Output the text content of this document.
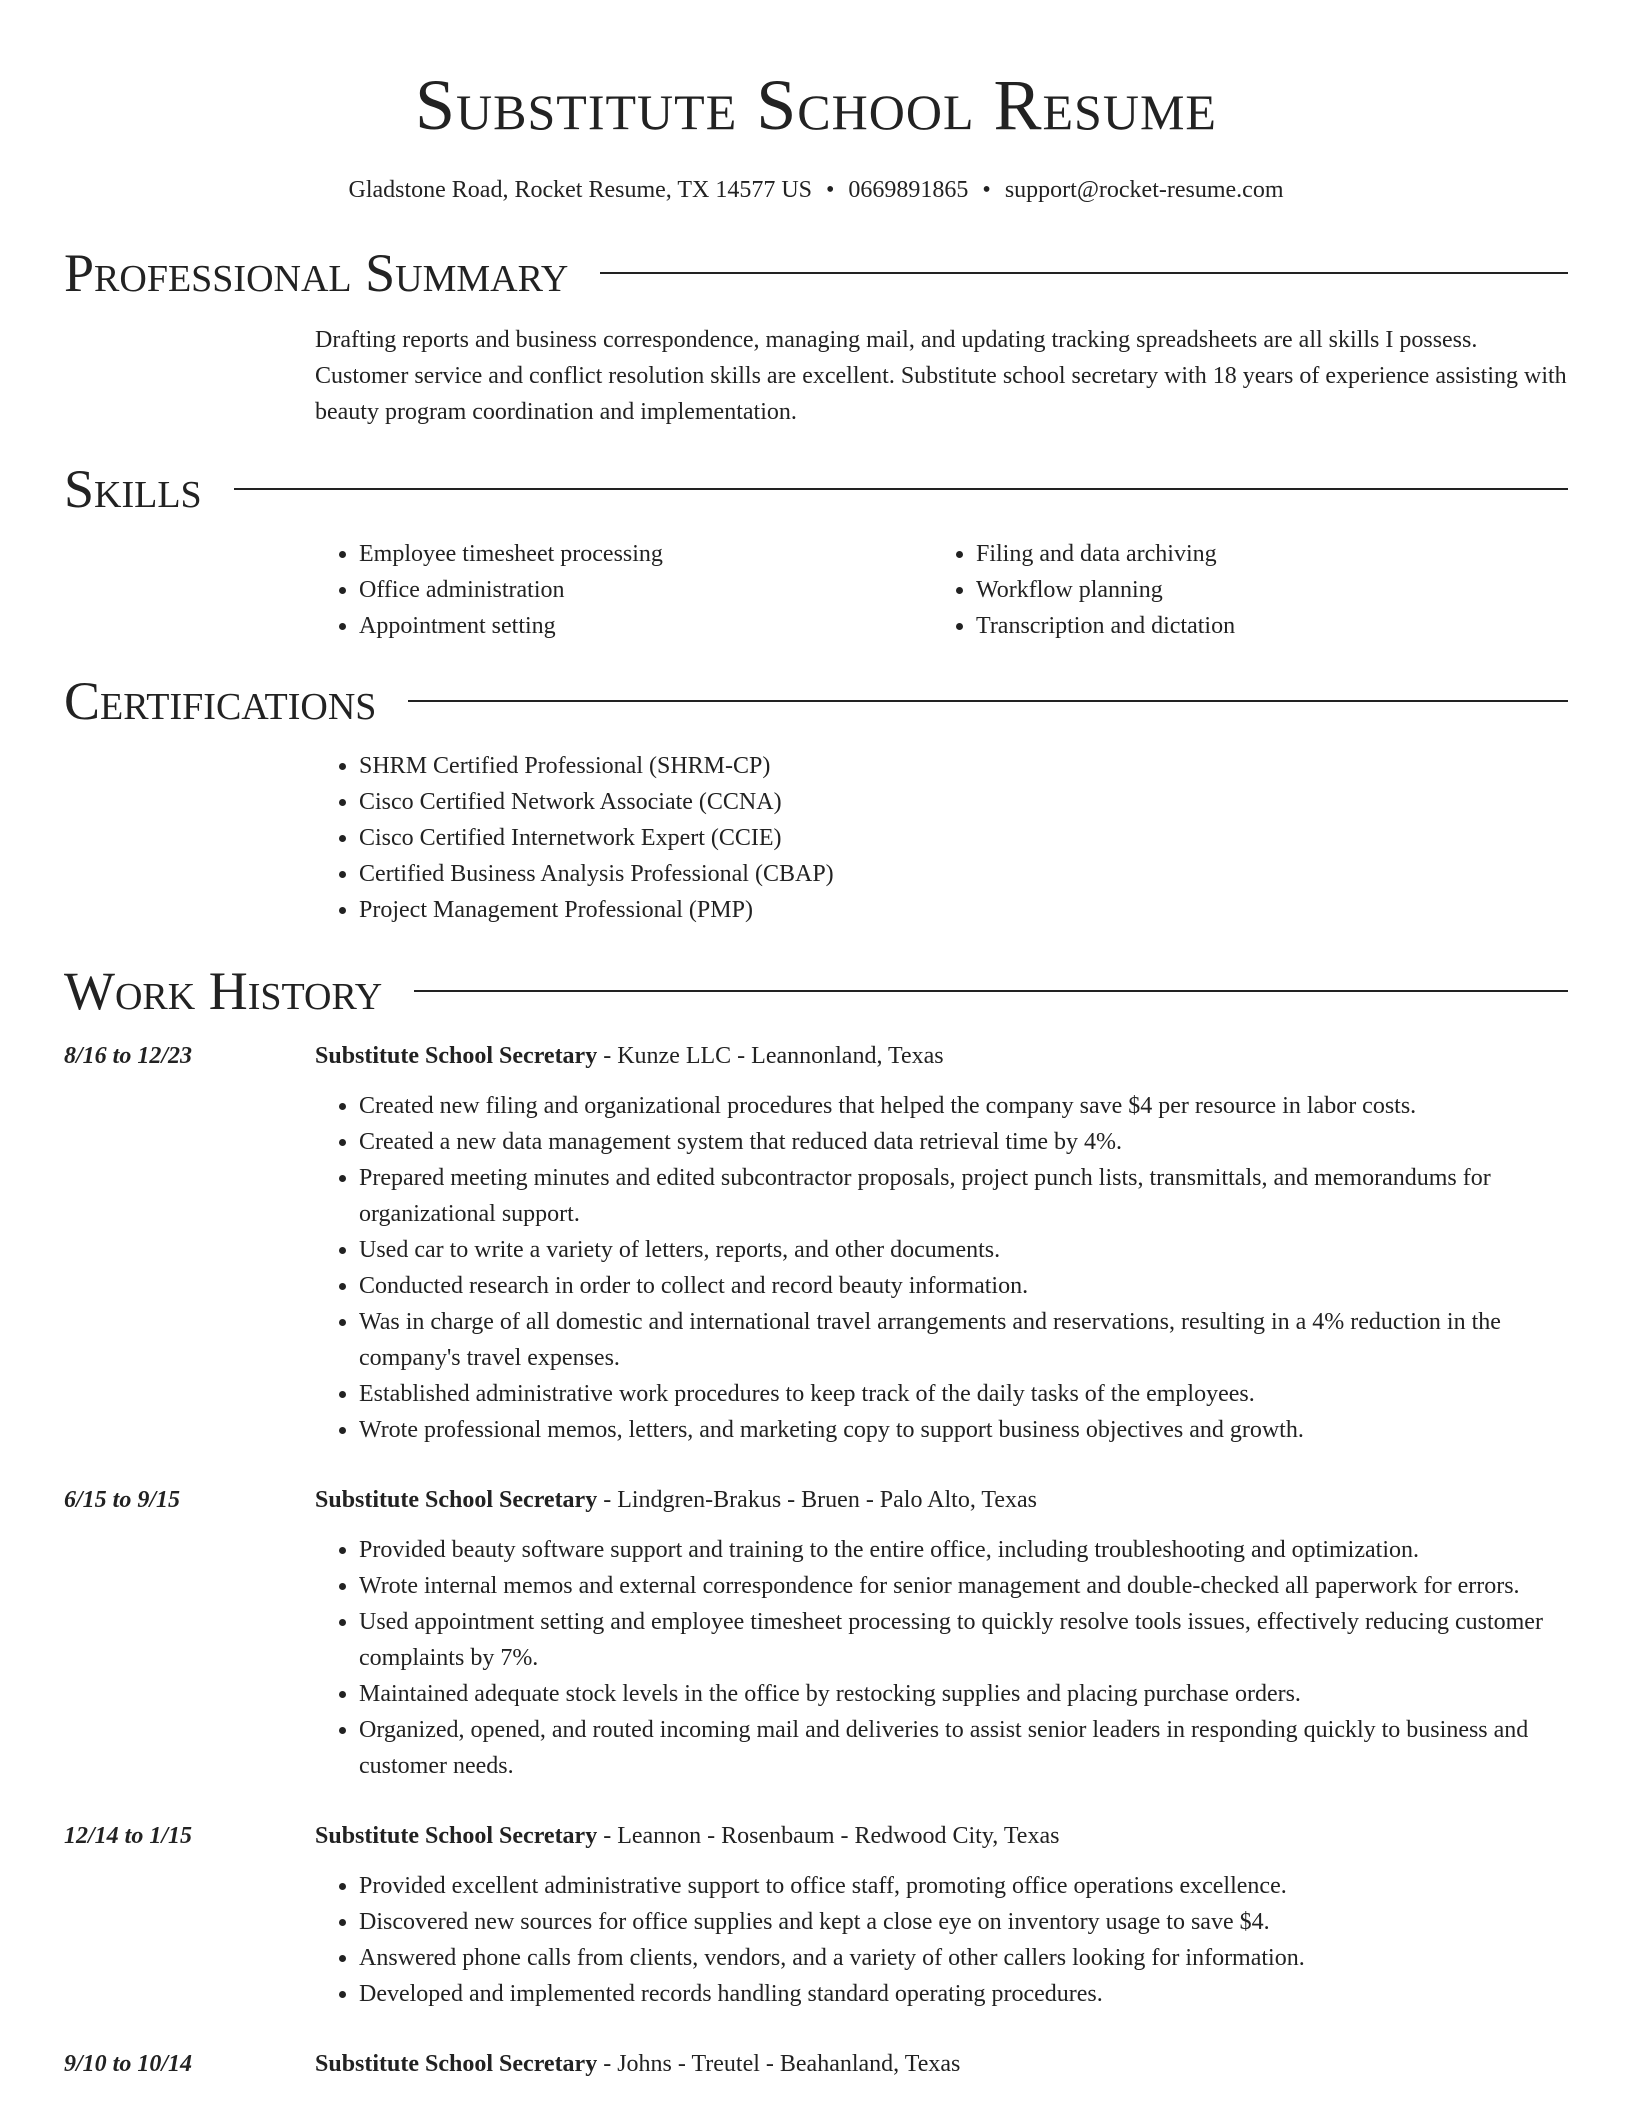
Substitute School Resume
Gladstone Road, Rocket Resume, TX 14577 US • 0669891865 • support@rocket-resume.com
Professional Summary

Drafting reports and business correspondence, managing mail, and updating tracking spreadsheets are all skills I possess. Customer service and conflict resolution skills are excellent. Substitute school secretary with 18 years of experience assisting with beauty program coordination and implementation.

Skills
• Employee timesheet processing
• Office administration
• Appointment setting
• Filing and data archiving
• Workflow planning
• Transcription and dictation
Certifications
• SHRM Certified Professional (SHRM-CP)
• Cisco Certified Network Associate (CCNA)
• Cisco Certified Internetwork Expert (CCIE)
• Certified Business Analysis Professional (CBAP)
• Project Management Professional (PMP)
Work History
8/16 to 12/23	Substitute School Secretary - Kunze LLC - Leannonland, Texas
• Created new filing and organizational procedures that helped the company save $4 per resource in labor costs.
• Created a new data management system that reduced data retrieval time by 4%.
• Prepared meeting minutes and edited subcontractor proposals, project punch lists, transmittals, and memorandums for organizational support.
• Used car to write a variety of letters, reports, and other documents.
• Conducted research in order to collect and record beauty information.
• Was in charge of all domestic and international travel arrangements and reservations, resulting in a 4% reduction in the company's travel expenses.
• Established administrative work procedures to keep track of the daily tasks of the employees.
• Wrote professional memos, letters, and marketing copy to support business objectives and growth.
6/15 to 9/15	Substitute School Secretary - Lindgren-Brakus - Bruen - Palo Alto, Texas
• Provided beauty software support and training to the entire office, including troubleshooting and optimization.
• Wrote internal memos and external correspondence for senior management and double-checked all paperwork for errors.
• Used appointment setting and employee timesheet processing to quickly resolve tools issues, effectively reducing customer complaints by 7%.
• Maintained adequate stock levels in the office by restocking supplies and placing purchase orders.
• Organized, opened, and routed incoming mail and deliveries to assist senior leaders in responding quickly to business and customer needs.
12/14 to 1/15	Substitute School Secretary - Leannon - Rosenbaum - Redwood City, Texas
• Provided excellent administrative support to office staff, promoting office operations excellence.
• Discovered new sources for office supplies and kept a close eye on inventory usage to save $4.
• Answered phone calls from clients, vendors, and a variety of other callers looking for information.
• Developed and implemented records handling standard operating procedures.
9/10 to 10/14	Substitute School Secretary - Johns - Treutel - Beahanland, Texas
